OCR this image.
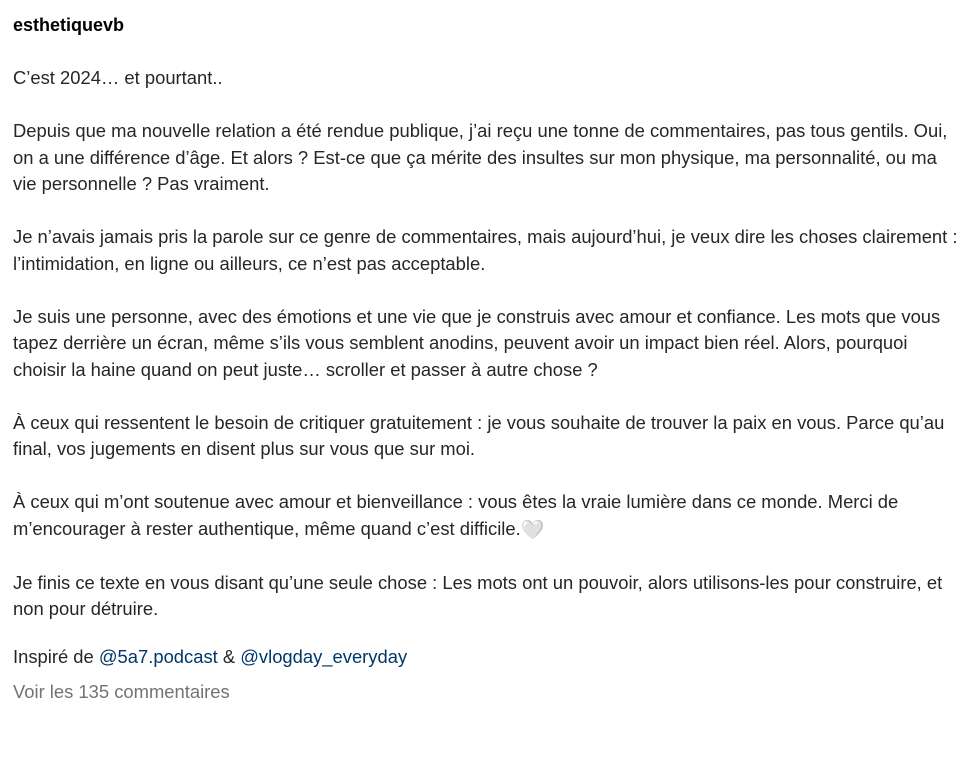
esthetiquevb

C’est 2024… et pourtant..

Depuis que ma nouvelle relation a été rendue publique, j’ai reçu une tonne de commentaires, pas tous gentils. Oui, on a une différence d’âge. Et alors ? Est-ce que ça mérite des insultes sur mon physique, ma personnalité, ou ma vie personnelle ? Pas vraiment.

Je n’avais jamais pris la parole sur ce genre de commentaires, mais aujourd’hui, je veux dire les choses clairement : l’intimidation, en ligne ou ailleurs, ce n’est pas acceptable.

Je suis une personne, avec des émotions et une vie que je construis avec amour et confiance. Les mots que vous tapez derrière un écran, même s’ils vous semblent anodins, peuvent avoir un impact bien réel. Alors, pourquoi choisir la haine quand on peut juste… scroller et passer à autre chose ?

À ceux qui ressentent le besoin de critiquer gratuitement : je vous souhaite de trouver la paix en vous. Parce qu’au final, vos jugements en disent plus sur vous que sur moi.

À ceux qui m’ont soutenue avec amour et bienveillance : vous êtes la vraie lumière dans ce monde. Merci de m’encourager à rester authentique, même quand c’est difficile.🤍

Je finis ce texte en vous disant qu’une seule chose : Les mots ont un pouvoir, alors utilisons-les pour construire, et non pour détruire.

Inspiré de @5a7.podcast & @vlogday_everyday
Voir les 135 commentaires
